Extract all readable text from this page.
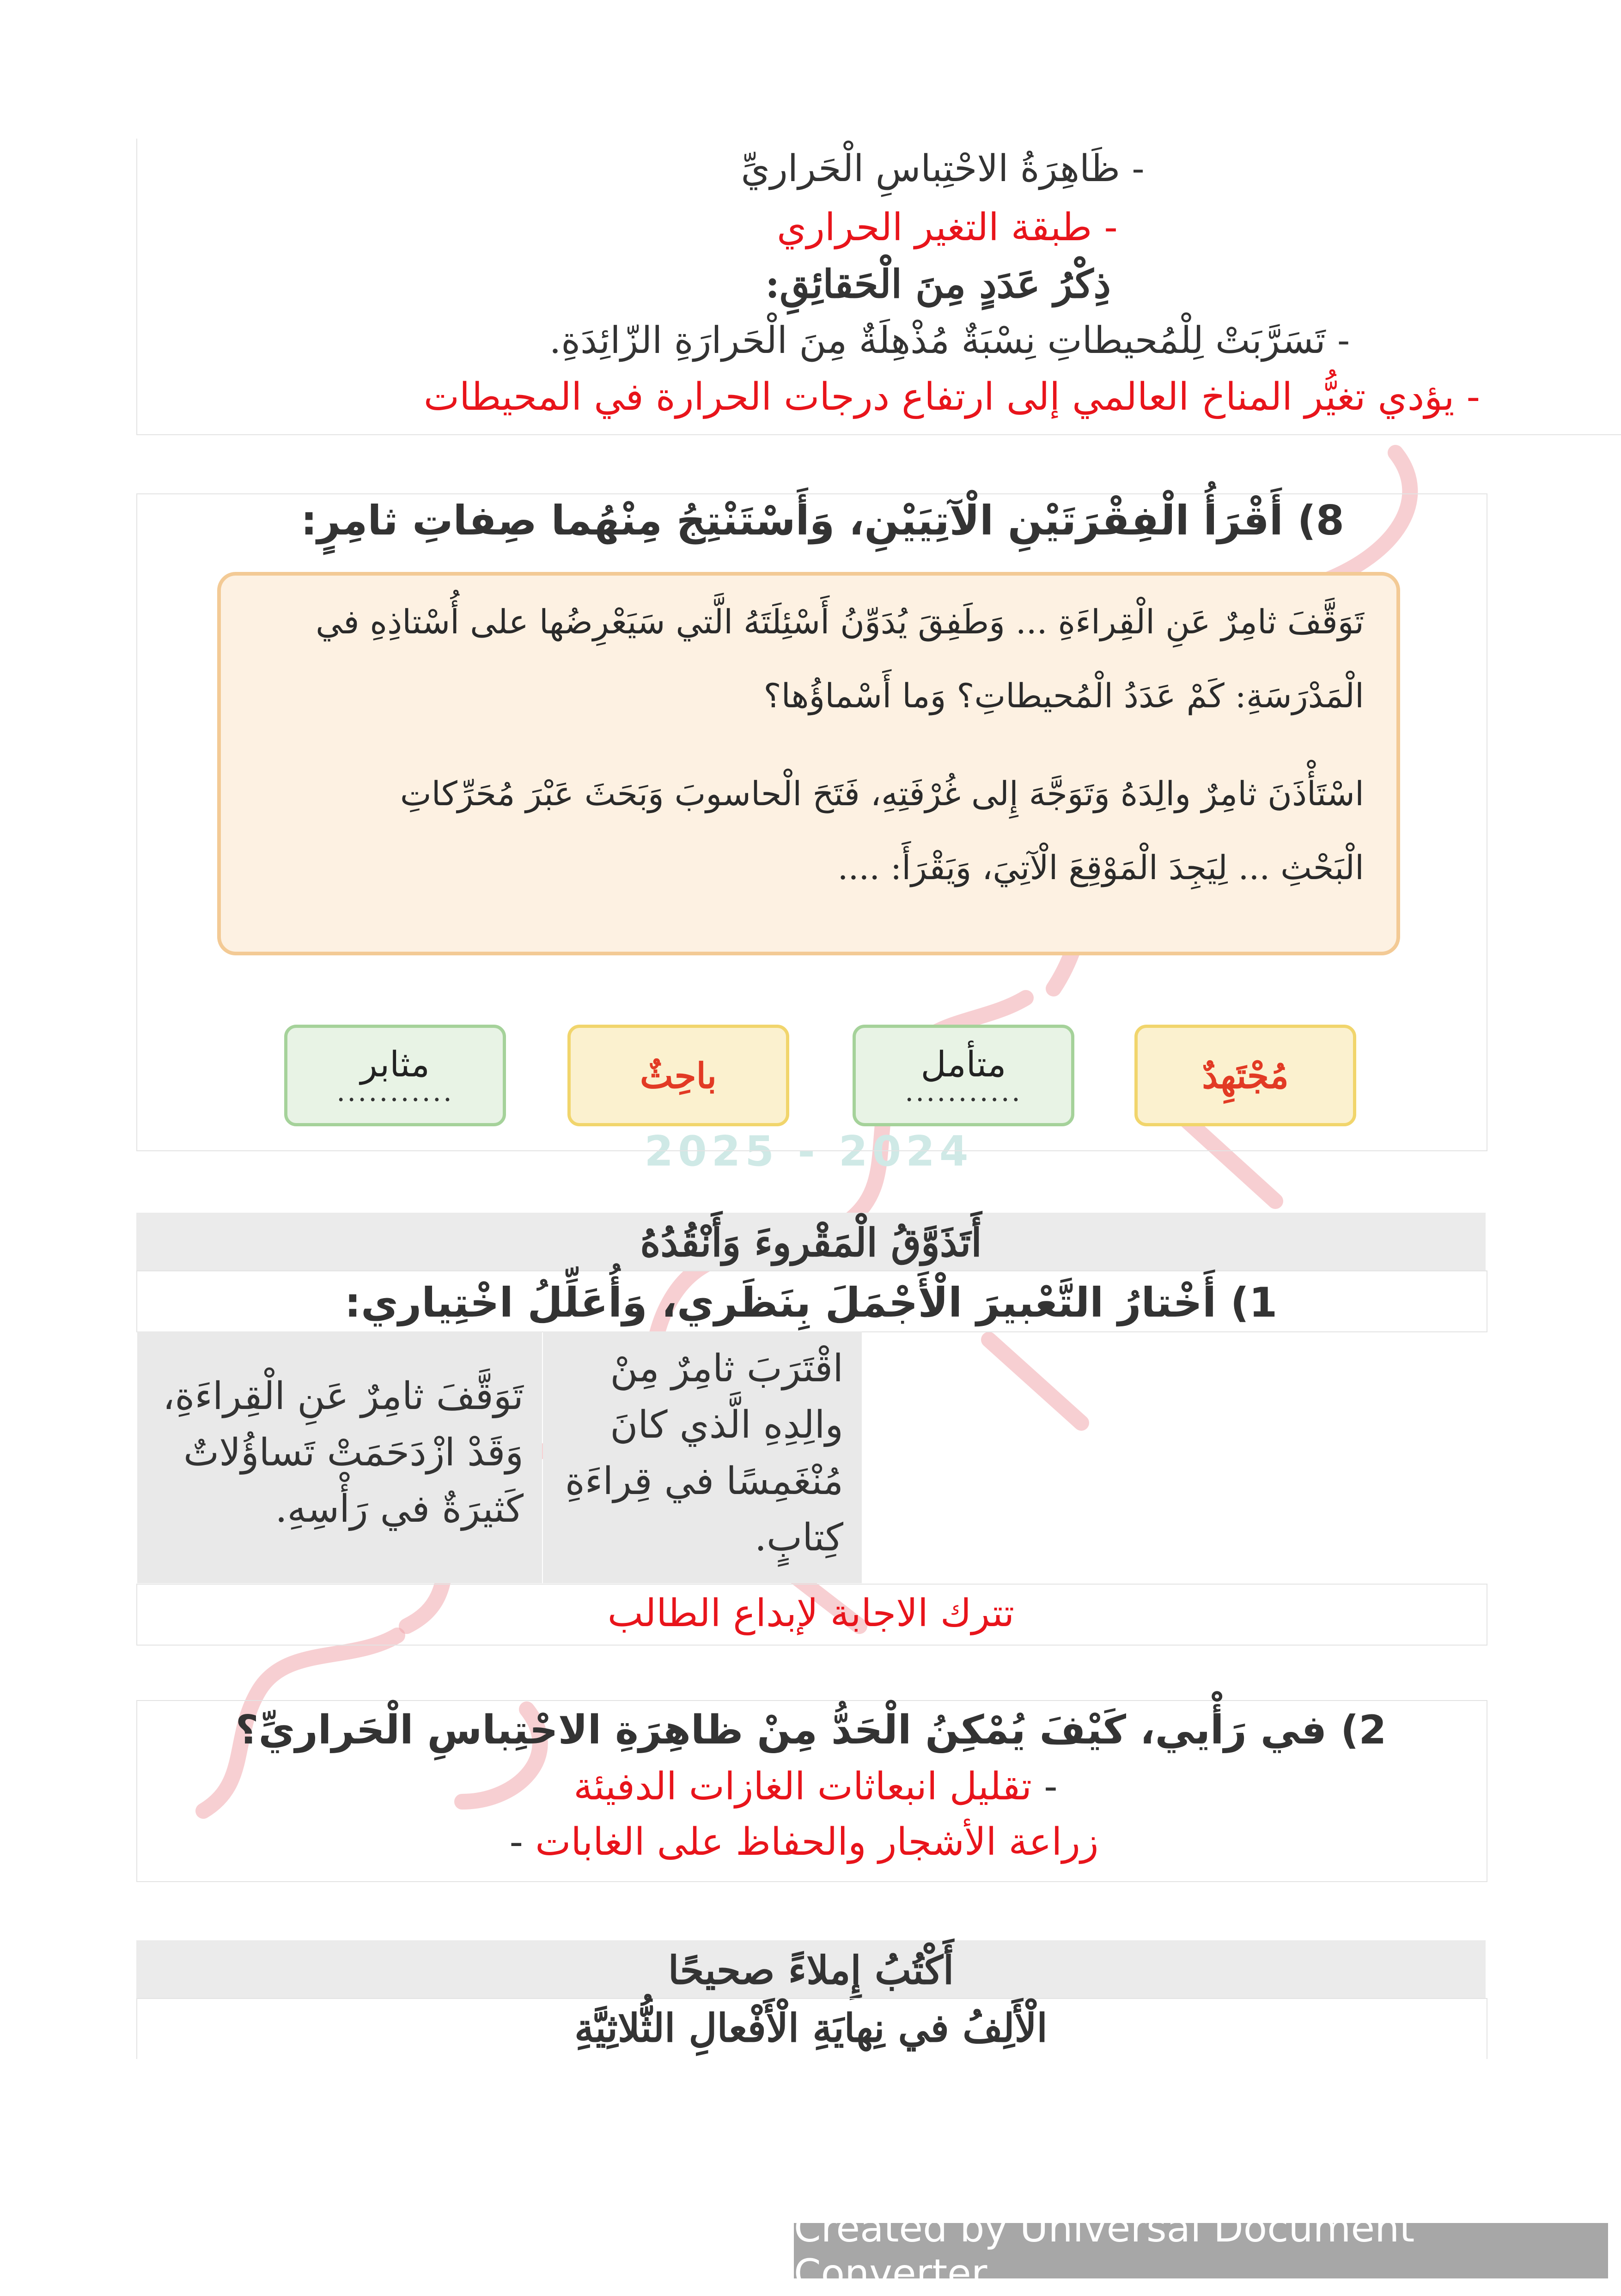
2025 - 2024
- ظَاهِرَةُ الاحْتِباسِ الْحَراريِّ
- طبقة التغير الحراري
ذِكْرُ عَدَدٍ مِنَ الْحَقائِقِ:
- تَسَرَّبَتْ لِلْمُحيطاتِ نِسْبَةٌ مُذْهِلَةٌ مِنَ الْحَرارَةِ الزّائِدَةِ.
- يؤدي تغيُّر المناخ العالمي إلى ارتفاع درجات الحرارة في المحيطات
8) أَقْرَأُ الْفِقْرَتَيْنِ الْآتِيَيْنِ، وَأَسْتَنْتِجُ مِنْهُما صِفاتِ ثامِرٍ:
تَوَقَّفَ ثامِرٌ عَنِ الْقِراءَةِ ... وَطَفِقَ يُدَوِّنُ أَسْئِلَتَهُ الَّتي سَيَعْرِضُها على أُسْتاذِهِ في
الْمَدْرَسَةِ: كَمْ عَدَدُ الْمُحيطاتِ؟ وَما أَسْماؤُها؟
اسْتَأْذَنَ ثامِرٌ والِدَهُ وَتَوَجَّهَ إِلى غُرْفَتِهِ، فَتَحَ الْحاسوبَ وَبَحَثَ عَبْرَ مُحَرِّكاتِ
الْبَحْثِ ... لِيَجِدَ الْمَوْقِعَ الْآتِيَ، وَيَقْرَأَ: ....
مُجْتَهِدٌ
متأمل
...........
باحِثٌ
مثابر
...........
أَتَذَوَّقُ الْمَقْروءَ وَأَنْقُدُهُ
1) أَخْتارُ التَّعْبيرَ الْأَجْمَلَ بِنَظَري، وَأُعَلِّلُ اخْتِياري:
اقْتَرَبَ ثامِرٌ مِنْ
والِدِهِ الَّذي كانَ
مُنْغَمِسًا في قِراءَةِ
كِتابٍ.
تَوَقَّفَ ثامِرٌ عَنِ الْقِراءَةِ،
وَقَدْ ازْدَحَمَتْ تَساؤُلاتٌ
كَثيرَةٌ في رَأْسِهِ.
تترك الاجابة لإبداع الطالب
2) في رَأْيي، كَيْفَ يُمْكِنُ الْحَدُّ مِنْ ظاهِرَةِ الاحْتِباسِ الْحَراريِّ؟
- تقليل انبعاثات الغازات الدفيئة
زراعة الأشجار والحفاظ على الغابات -
أَكْتُبُ إِملاءً صحيحًا
الْأَلِفُ في نِهايَةِ الْأَفْعالِ الثُّلاثِيَّةِ
Created by Universal Document Converter
